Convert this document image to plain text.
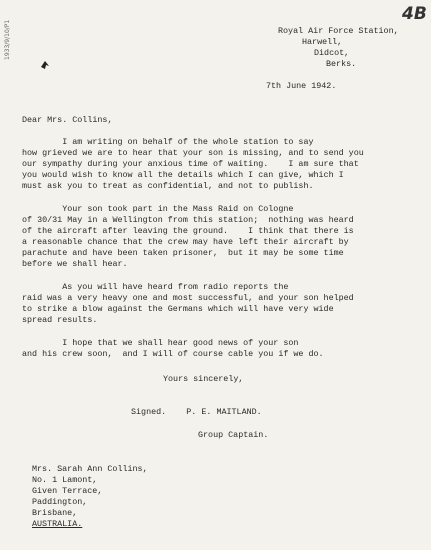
1933/9/10/P1
4B
Royal Air Force Station,
Harwell,
Didcot,
Berks.
7th June 1942.
Dear Mrs. Collins,
I am writing on behalf of the whole station to say
how grieved we are to hear that your son is missing, and to send you
our sympathy during your anxious time of waiting.    I am sure that
you would wish to know all the details which I can give, which I
must ask you to treat as confidential, and not to publish.
Your son took part in the Mass Raid on Cologne
of 30/31 May in a Wellington from this station;  nothing was heard
of the aircraft after leaving the ground.    I think that there is
a reasonable chance that the crew may have left their aircraft by
parachute and have been taken prisoner,  but it may be some time
before we shall hear.
As you will have heard from radio reports the
raid was a very heavy one and most successful, and your son helped
to strike a blow against the Germans which will have very wide
spread results.
I hope that we shall hear good news of your son
and his crew soon,  and I will of course cable you if we do.
Yours sincerely,
Signed.    P. E. MAITLAND.
Group Captain.
Mrs. Sarah Ann Collins,
No. 1 Lamont,
Given Terrace,
Paddington,
Brisbane,
AUSTRALIA.
